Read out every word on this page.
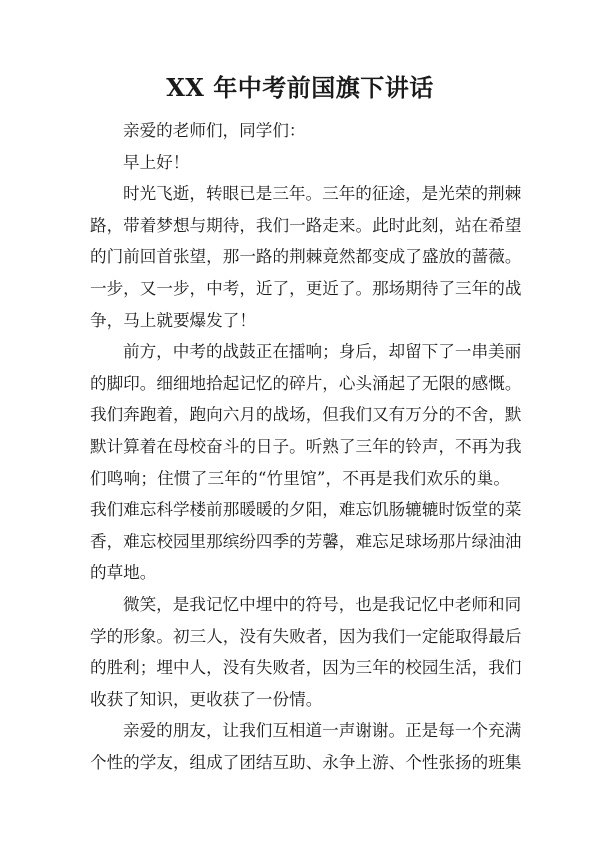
XX 年中考前国旗下讲话

亲爱的老师们，同学们：

早上好！

时光飞逝，转眼已是三年。三年的征途，是光荣的荆棘
路，带着梦想与期待，我们一路走来。此时此刻，站在希望
的门前回首张望，那一路的荆棘竟然都变成了盛放的蔷薇。
一步，又一步，中考，近了，更近了。那场期待了三年的战
争，马上就要爆发了！

前方，中考的战鼓正在擂响；身后，却留下了一串美丽
的脚印。细细地拾起记忆的碎片，心头涌起了无限的感慨。
我们奔跑着，跑向六月的战场，但我们又有万分的不舍，默
默计算着在母校奋斗的日子。听熟了三年的铃声，不再为我
们鸣响；住惯了三年的“竹里馆”，不再是我们欢乐的巢。
我们难忘科学楼前那暖暖的夕阳，难忘饥肠辘辘时饭堂的菜
香，难忘校园里那缤纷四季的芳馨，难忘足球场那片绿油油
的草地。

微笑，是我记忆中埋中的符号，也是我记忆中老师和同
学的形象。初三人，没有失败者，因为我们一定能取得最后
的胜利；埋中人，没有失败者，因为三年的校园生活，我们
收获了知识，更收获了一份情。

亲爱的朋友，让我们互相道一声谢谢。正是每一个充满
个性的学友，组成了团结互助、永争上游、个性张扬的班集
